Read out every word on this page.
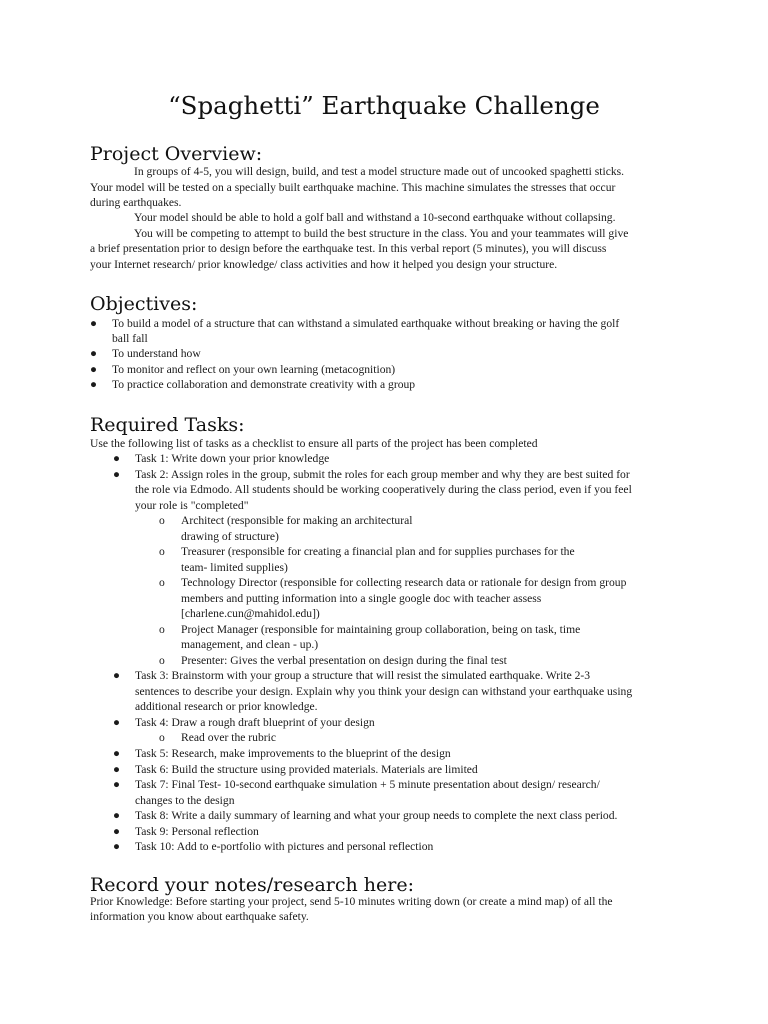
“Spaghetti” Earthquake Challenge
Project Overview:
In groups of 4-5, you will design, build, and test a model structure made out of uncooked spaghetti sticks.
Your model will be tested on a specially built earthquake machine. This machine simulates the stresses that occur
during earthquakes.
Your model should be able to hold a golf ball and withstand a 10-second earthquake without collapsing.
You will be competing to attempt to build the best structure in the class. You and your teammates will give
a brief presentation prior to design before the earthquake test. In this verbal report (5 minutes), you will discuss
your Internet research/ prior knowledge/ class activities and how it helped you design your structure.
Objectives:
● To build a model of a structure that can withstand a simulated earthquake without breaking or having the golf
ball fall
● To understand how
● To monitor and reflect on your own learning (metacognition)
● To practice collaboration and demonstrate creativity with a group
Required Tasks:
Use the following list of tasks as a checklist to ensure all parts of the project has been completed
● Task 1: Write down your prior knowledge
● Task 2: Assign roles in the group, submit the roles for each group member and why they are best suited for
the role via Edmodo. All students should be working cooperatively during the class period, even if you feel
your role is "completed"
o Architect (responsible for making an architectural
drawing of structure)
o Treasurer (responsible for creating a financial plan and for supplies purchases for the
team- limited supplies)
o Technology Director (responsible for collecting research data or rationale for design from group
members and putting information into a single google doc with teacher assess
[charlene.cun@mahidol.edu])
o Project Manager (responsible for maintaining group collaboration, being on task, time
management, and clean - up.)
o Presenter: Gives the verbal presentation on design during the final test
● Task 3: Brainstorm with your group a structure that will resist the simulated earthquake. Write 2-3
sentences to describe your design. Explain why you think your design can withstand your earthquake using
additional research or prior knowledge.
● Task 4: Draw a rough draft blueprint of your design
o Read over the rubric
● Task 5: Research, make improvements to the blueprint of the design
● Task 6: Build the structure using provided materials. Materials are limited
● Task 7: Final Test- 10-second earthquake simulation + 5 minute presentation about design/ research/
changes to the design
● Task 8: Write a daily summary of learning and what your group needs to complete the next class period.
● Task 9: Personal reflection
● Task 10: Add to e-portfolio with pictures and personal reflection
Record your notes/research here:
Prior Knowledge: Before starting your project, send 5-10 minutes writing down (or create a mind map) of all the
information you know about earthquake safety.
